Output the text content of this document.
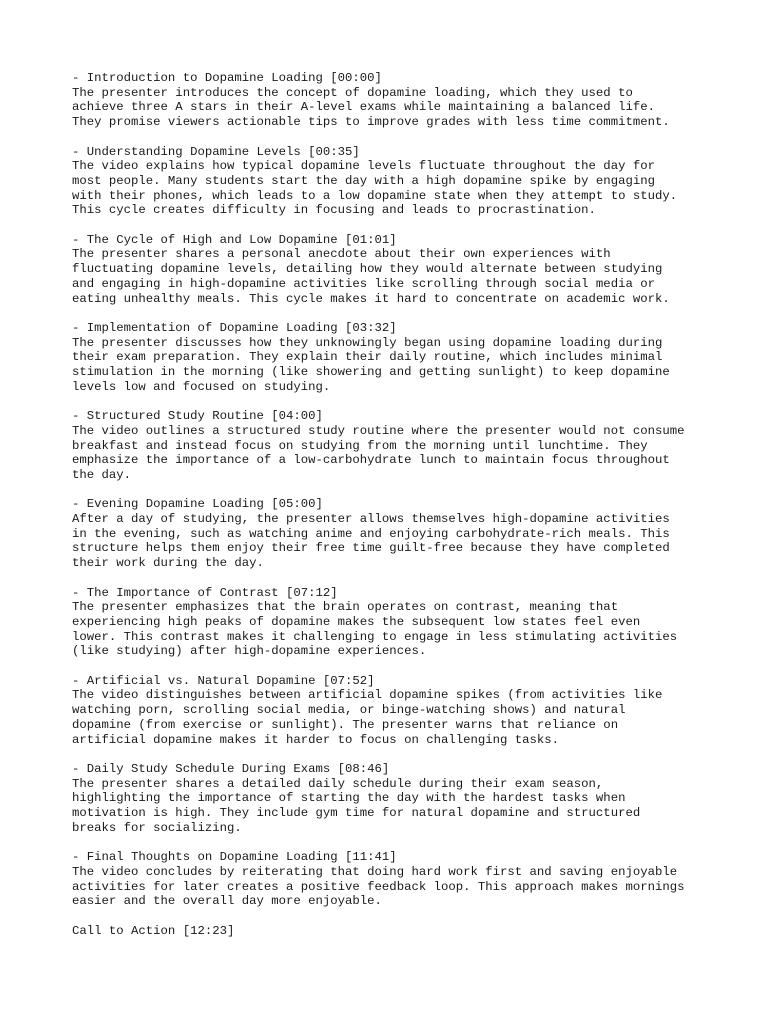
- Introduction to Dopamine Loading [00:00]
The presenter introduces the concept of dopamine loading, which they used to
achieve three A stars in their A-level exams while maintaining a balanced life.
They promise viewers actionable tips to improve grades with less time commitment.
- Understanding Dopamine Levels [00:35]
The video explains how typical dopamine levels fluctuate throughout the day for
most people. Many students start the day with a high dopamine spike by engaging
with their phones, which leads to a low dopamine state when they attempt to study.
This cycle creates difficulty in focusing and leads to procrastination.
- The Cycle of High and Low Dopamine [01:01]
The presenter shares a personal anecdote about their own experiences with
fluctuating dopamine levels, detailing how they would alternate between studying
and engaging in high-dopamine activities like scrolling through social media or
eating unhealthy meals. This cycle makes it hard to concentrate on academic work.
- Implementation of Dopamine Loading [03:32]
The presenter discusses how they unknowingly began using dopamine loading during
their exam preparation. They explain their daily routine, which includes minimal
stimulation in the morning (like showering and getting sunlight) to keep dopamine
levels low and focused on studying.
- Structured Study Routine [04:00]
The video outlines a structured study routine where the presenter would not consume
breakfast and instead focus on studying from the morning until lunchtime. They
emphasize the importance of a low-carbohydrate lunch to maintain focus throughout
the day.
- Evening Dopamine Loading [05:00]
After a day of studying, the presenter allows themselves high-dopamine activities
in the evening, such as watching anime and enjoying carbohydrate-rich meals. This
structure helps them enjoy their free time guilt-free because they have completed
their work during the day.
- The Importance of Contrast [07:12]
The presenter emphasizes that the brain operates on contrast, meaning that
experiencing high peaks of dopamine makes the subsequent low states feel even
lower. This contrast makes it challenging to engage in less stimulating activities
(like studying) after high-dopamine experiences.
- Artificial vs. Natural Dopamine [07:52]
The video distinguishes between artificial dopamine spikes (from activities like
watching porn, scrolling social media, or binge-watching shows) and natural
dopamine (from exercise or sunlight). The presenter warns that reliance on
artificial dopamine makes it harder to focus on challenging tasks.
- Daily Study Schedule During Exams [08:46]
The presenter shares a detailed daily schedule during their exam season,
highlighting the importance of starting the day with the hardest tasks when
motivation is high. They include gym time for natural dopamine and structured
breaks for socializing.
- Final Thoughts on Dopamine Loading [11:41]
The video concludes by reiterating that doing hard work first and saving enjoyable
activities for later creates a positive feedback loop. This approach makes mornings
easier and the overall day more enjoyable.
Call to Action [12:23]
